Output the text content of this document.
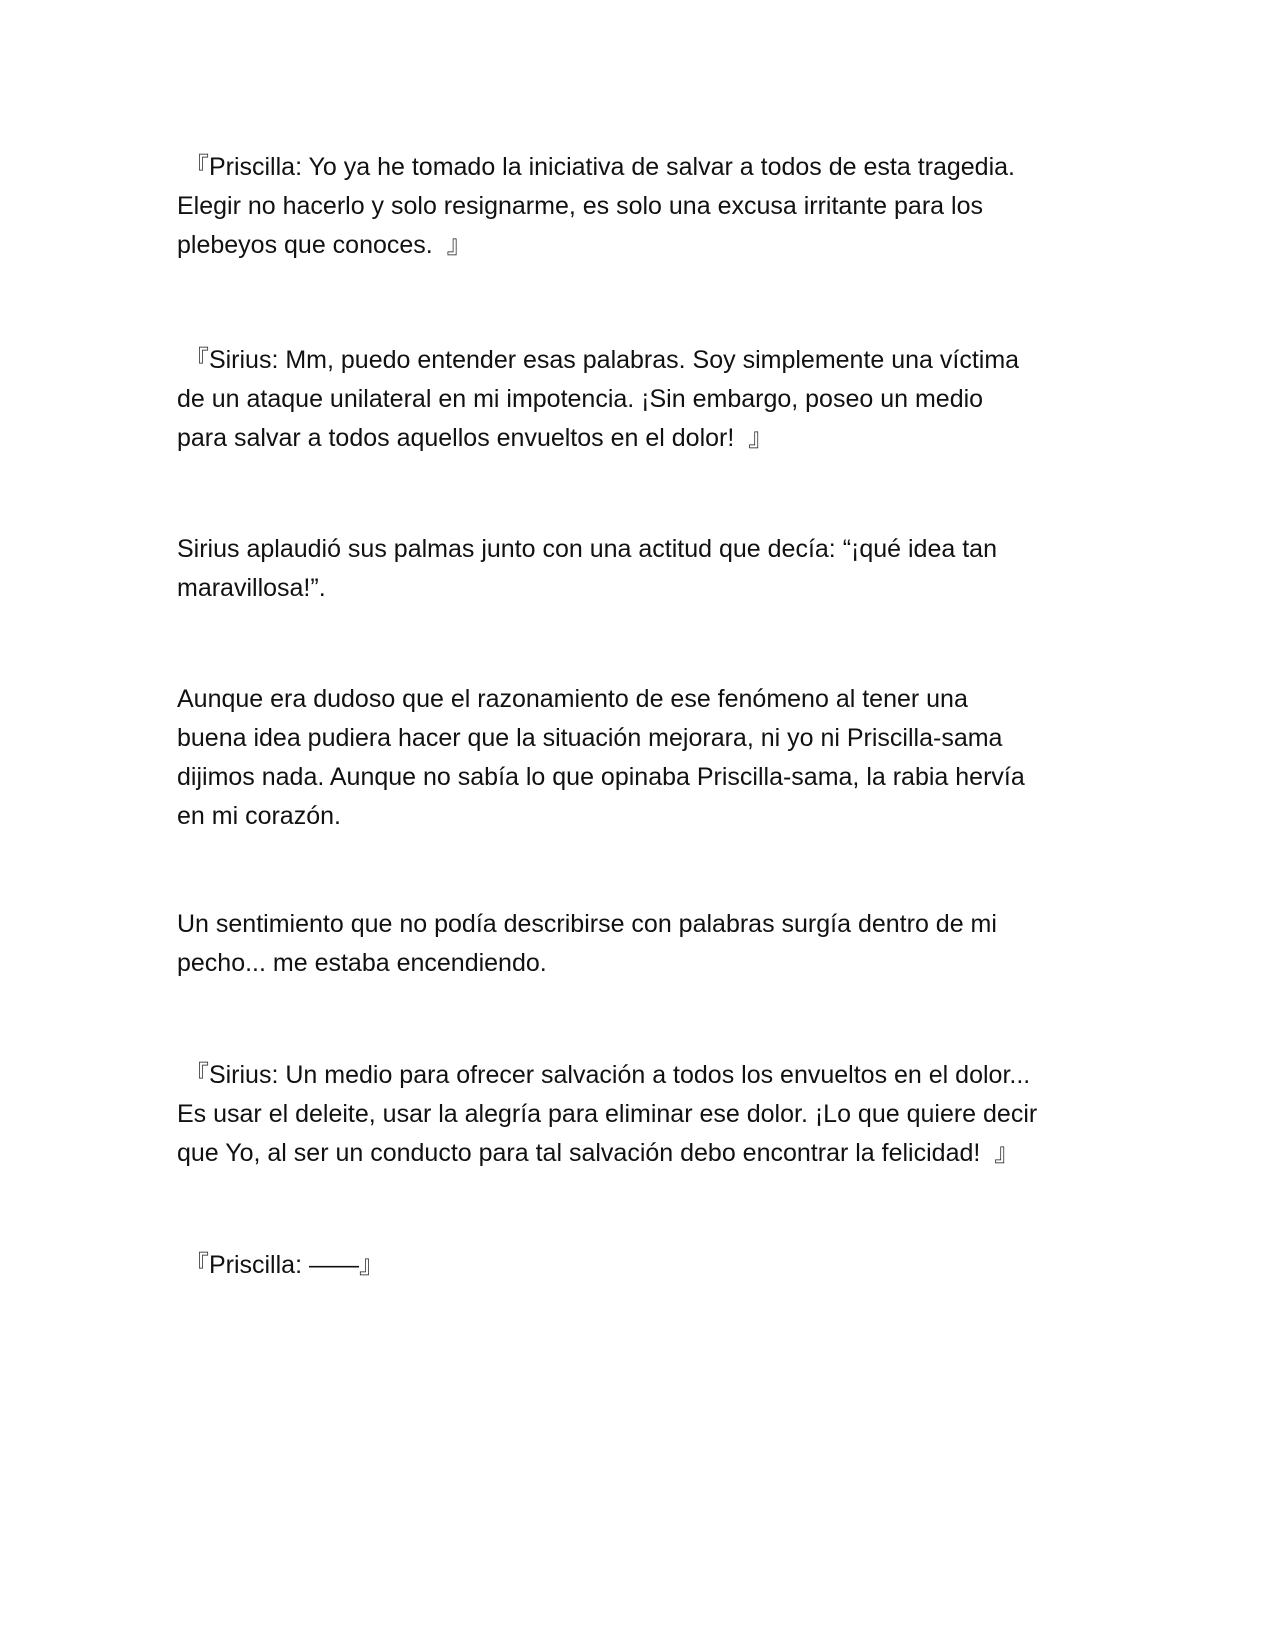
『Priscilla: Yo ya he tomado la iniciativa de salvar a todos de esta tragedia.
Elegir no hacerlo y solo resignarme, es solo una excusa irritante para los
plebeyos que conoces.  』

『Sirius: Mm, puedo entender esas palabras. Soy simplemente una víctima
de un ataque unilateral en mi impotencia. ¡Sin embargo, poseo un medio
para salvar a todos aquellos envueltos en el dolor!  』

Sirius aplaudió sus palmas junto con una actitud que decía: “¡qué idea tan
maravillosa!”.

Aunque era dudoso que el razonamiento de ese fenómeno al tener una
buena idea pudiera hacer que la situación mejorara, ni yo ni Priscilla-sama
dijimos nada. Aunque no sabía lo que opinaba Priscilla-sama, la rabia hervía
en mi corazón.

Un sentimiento que no podía describirse con palabras surgía dentro de mi
pecho... me estaba encendiendo.

『Sirius: Un medio para ofrecer salvación a todos los envueltos en el dolor...
Es usar el deleite, usar la alegría para eliminar ese dolor. ¡Lo que quiere decir
que Yo, al ser un conducto para tal salvación debo encontrar la felicidad!  』

『Priscilla: ——』
